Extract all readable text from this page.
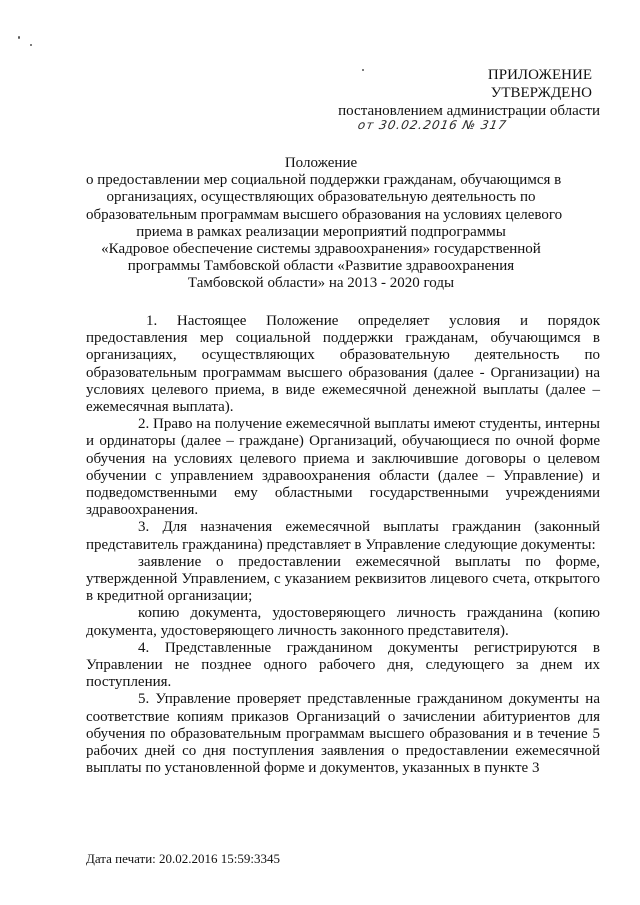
ПРИЛОЖЕНИЕ
УТВЕРЖДЕНО
постановлением администрации области
от 30.02.2016 № 317
Положение
о предоставлении мер социальной поддержки гражданам, обучающимся в
организациях, осуществляющих образовательную деятельность по
образовательным программам высшего образования на условиях целевого
приема в рамках реализации мероприятий подпрограммы
«Кадровое обеспечение системы здравоохранения» государственной
программы Тамбовской области «Развитие здравоохранения
Тамбовской области» на 2013 - 2020 годы

1. Настоящее Положение определяет условия и порядок предоставления мер социальной поддержки гражданам, обучающимся в организациях, осуществляющих образовательную деятельность по образовательным программам высшего образования (далее - Организации) на условиях целевого приема, в виде ежемесячной денежной выплаты (далее – ежемесячная выплата).

2. Право на получение ежемесячной выплаты имеют студенты, интерны и ординаторы (далее – граждане) Организаций, обучающиеся по очной форме обучения на условиях целевого приема и заключившие договоры о целевом обучении с управлением здравоохранения области (далее – Управление) и подведомственными ему областными государственными учреждениями здравоохранения.

3. Для назначения ежемесячной выплаты гражданин (законный представитель гражданина) представляет в Управление следующие документы:

заявление о предоставлении ежемесячной выплаты по форме, утвержденной Управлением, с указанием реквизитов лицевого счета, открытого в кредитной организации;

копию документа, удостоверяющего личность гражданина (копию документа, удостоверяющего личность законного представителя).

4. Представленные гражданином документы регистрируются в Управлении не позднее одного рабочего дня, следующего за днем их поступления.

5. Управление проверяет представленные гражданином документы на соответствие копиям приказов Организаций о зачислении абитуриентов для обучения по образовательным программам высшего образования и в течение 5 рабочих дней со дня поступления заявления о предоставлении ежемесячной выплаты по установленной форме и документов, указанных в пункте 3

Дата печати: 20.02.2016 15:59:3345
